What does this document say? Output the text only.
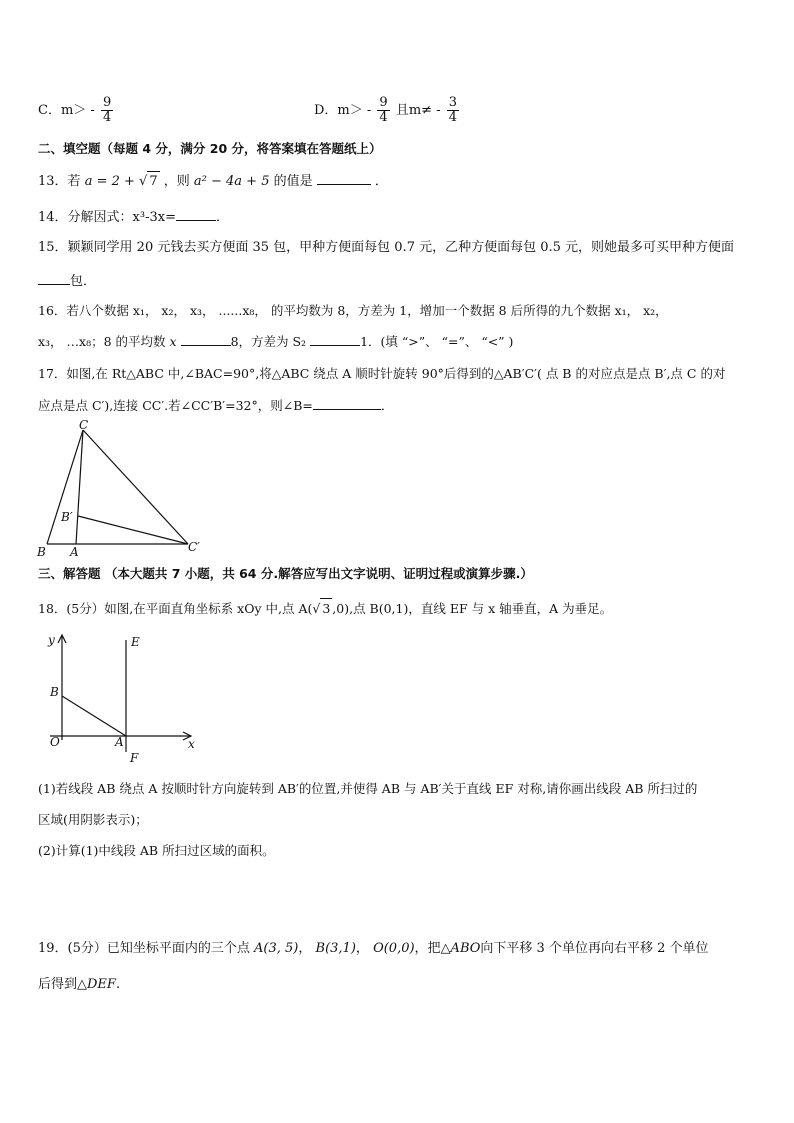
C．$m> - \frac{9}{4}$	D．$m> - \frac{9}{4}$ 且$m\ne - \frac{3}{4}$
二、填空题（每题 4 分，满分 20 分，将答案填在答题纸上）
13．若 a = 2 + √ 7 ，则 a² − 4a + 5 的值是	．
14．分解因式：x³-3x=	．
15．颖颖同学用 20 元钱去买方便面 35 包，甲种方便面每包 0.7 元，乙种方便面每包 0.5 元，则她最多可买甲种方便面
包．
16．若八个数据 x₁， x₂， x₃， ......x₈， 的平均数为 8，方差为 1，增加一个数据 8 后所得的九个数据 x₁， x₂，
x₃， …x₈；8 的平均数 x	8，方差为 S₂	1．(填 “>”、 “=”、 “<” )
17．如图,在 Rt△ABC 中,∠BAC=90°,将△ABC 绕点 A 顺时针旋转 90°后得到的△AB′C′( 点 B 的对应点是点 B′,点 C 的对
应点是点 C′),连接 CC′.若∠CC′B′=32°，则∠B=	．
C
B′
B A	C′
三、解答题 （本大题共 7 小题，共 64 分.解答应写出文字说明、证明过程或演算步骤.）
18．(5分）如图,在平面直角坐标系 xOy 中,点 A(√ 3 ,0),点 B(0,1)，直线 EF 与 x 轴垂直，A 为垂足。
y	E
B
O	A	x
F
(1)若线段 AB 绕点 A 按顺时针方向旋转到 AB′的位置,并使得 AB 与 AB′关于直线 EF 对称,请你画出线段 AB 所扫过的
区域(用阴影表示)；
(2)计算(1)中线段 AB 所扫过区域的面积。
19．(5分）已知坐标平面内的三个点 A(3, 5)， B(3,1)， O(0,0)，把△ABO向下平移 3 个单位再向右平移 2 个单位
后得到△DEF.
